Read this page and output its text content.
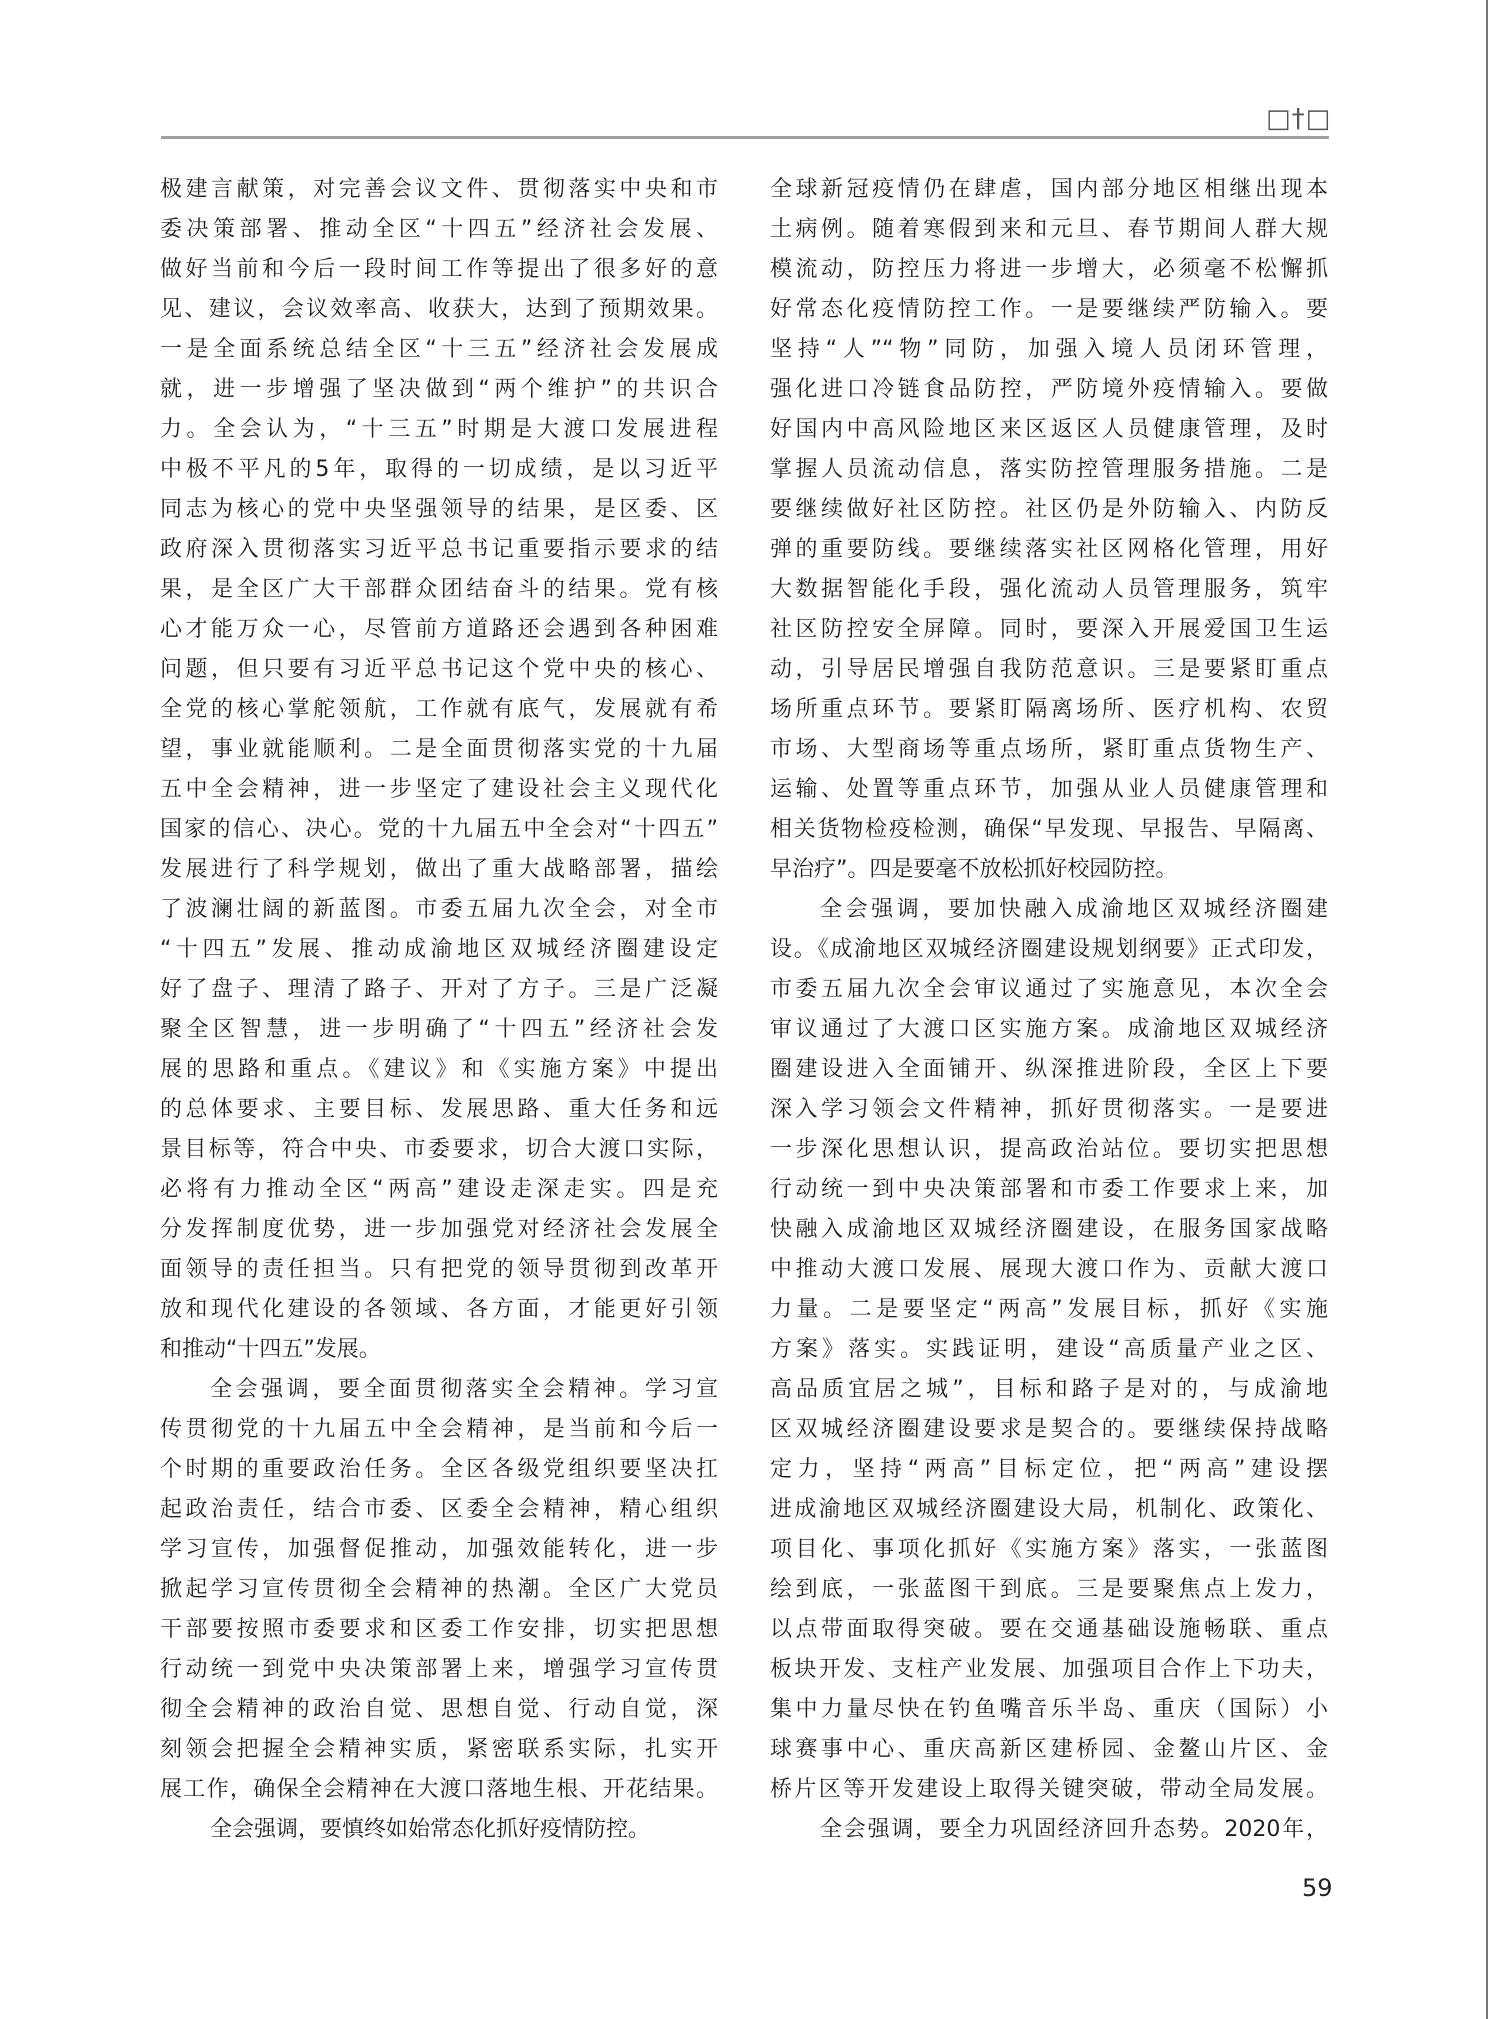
□†□
极建言献策，对完善会议文件、贯彻落实中央和市
委决策部署、推动全区“十四五”经济社会发展、
做好当前和今后一段时间工作等提出了很多好的意
见、建议，会议效率高、收获大，达到了预期效果。
一是全面系统总结全区“十三五”经济社会发展成
就，进一步增强了坚决做到“两个维护”的共识合
力。全会认为，“十三五”时期是大渡口发展进程
中极不平凡的5年，取得的一切成绩，是以习近平
同志为核心的党中央坚强领导的结果，是区委、区
政府深入贯彻落实习近平总书记重要指示要求的结
果，是全区广大干部群众团结奋斗的结果。党有核
心才能万众一心，尽管前方道路还会遇到各种困难
问题，但只要有习近平总书记这个党中央的核心、
全党的核心掌舵领航，工作就有底气，发展就有希
望，事业就能顺利。二是全面贯彻落实党的十九届
五中全会精神，进一步坚定了建设社会主义现代化
国家的信心、决心。党的十九届五中全会对“十四五”
发展进行了科学规划，做出了重大战略部署，描绘
了波澜壮阔的新蓝图。市委五届九次全会，对全市
“十四五”发展、推动成渝地区双城经济圈建设定
好了盘子、理清了路子、开对了方子。三是广泛凝
聚全区智慧，进一步明确了“十四五”经济社会发
展的思路和重点。《建议》和《实施方案》中提出
的总体要求、主要目标、发展思路、重大任务和远
景目标等，符合中央、市委要求，切合大渡口实际，
必将有力推动全区“两高”建设走深走实。四是充
分发挥制度优势，进一步加强党对经济社会发展全
面领导的责任担当。只有把党的领导贯彻到改革开
放和现代化建设的各领域、各方面，才能更好引领
和推动“十四五”发展。
全会强调，要全面贯彻落实全会精神。学习宣
传贯彻党的十九届五中全会精神，是当前和今后一
个时期的重要政治任务。全区各级党组织要坚决扛
起政治责任，结合市委、区委全会精神，精心组织
学习宣传，加强督促推动，加强效能转化，进一步
掀起学习宣传贯彻全会精神的热潮。全区广大党员
干部要按照市委要求和区委工作安排，切实把思想
行动统一到党中央决策部署上来，增强学习宣传贯
彻全会精神的政治自觉、思想自觉、行动自觉，深
刻领会把握全会精神实质，紧密联系实际，扎实开
展工作，确保全会精神在大渡口落地生根、开花结果。
全会强调，要慎终如始常态化抓好疫情防控。
全球新冠疫情仍在肆虐，国内部分地区相继出现本
土病例。随着寒假到来和元旦、春节期间人群大规
模流动，防控压力将进一步增大，必须毫不松懈抓
好常态化疫情防控工作。一是要继续严防输入。要
坚持“人”“物”同防，加强入境人员闭环管理，
强化进口冷链食品防控，严防境外疫情输入。要做
好国内中高风险地区来区返区人员健康管理，及时
掌握人员流动信息，落实防控管理服务措施。二是
要继续做好社区防控。社区仍是外防输入、内防反
弹的重要防线。要继续落实社区网格化管理，用好
大数据智能化手段，强化流动人员管理服务，筑牢
社区防控安全屏障。同时，要深入开展爱国卫生运
动，引导居民增强自我防范意识。三是要紧盯重点
场所重点环节。要紧盯隔离场所、医疗机构、农贸
市场、大型商场等重点场所，紧盯重点货物生产、
运输、处置等重点环节，加强从业人员健康管理和
相关货物检疫检测，确保“早发现、早报告、早隔离、
早治疗”。四是要毫不放松抓好校园防控。
全会强调，要加快融入成渝地区双城经济圈建
设。《成渝地区双城经济圈建设规划纲要》正式印发，
市委五届九次全会审议通过了实施意见，本次全会
审议通过了大渡口区实施方案。成渝地区双城经济
圈建设进入全面铺开、纵深推进阶段，全区上下要
深入学习领会文件精神，抓好贯彻落实。一是要进
一步深化思想认识，提高政治站位。要切实把思想
行动统一到中央决策部署和市委工作要求上来，加
快融入成渝地区双城经济圈建设，在服务国家战略
中推动大渡口发展、展现大渡口作为、贡献大渡口
力量。二是要坚定“两高”发展目标，抓好《实施
方案》落实。实践证明，建设“高质量产业之区、
高品质宜居之城”，目标和路子是对的，与成渝地
区双城经济圈建设要求是契合的。要继续保持战略
定力，坚持“两高”目标定位，把“两高”建设摆
进成渝地区双城经济圈建设大局，机制化、政策化、
项目化、事项化抓好《实施方案》落实，一张蓝图
绘到底，一张蓝图干到底。三是要聚焦点上发力，
以点带面取得突破。要在交通基础设施畅联、重点
板块开发、支柱产业发展、加强项目合作上下功夫，
集中力量尽快在钓鱼嘴音乐半岛、重庆（国际）小
球赛事中心、重庆高新区建桥园、金鳌山片区、金
桥片区等开发建设上取得关键突破，带动全局发展。
全会强调，要全力巩固经济回升态势。2020年，
59
